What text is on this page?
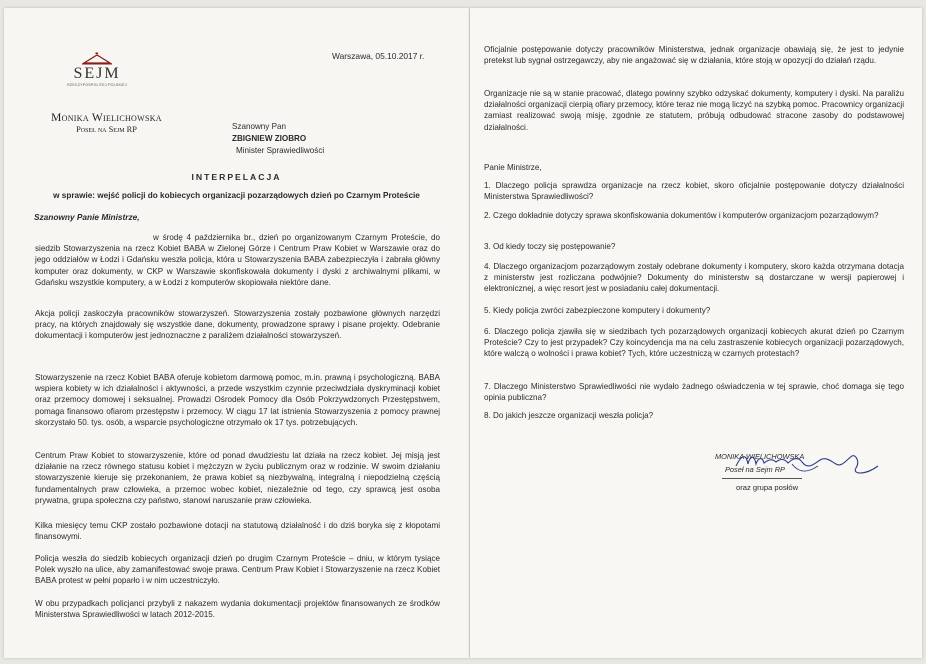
SEJM
RZECZYPOSPOLITEJ POLSKIEJ
Monika Wielichowska
Poseł na Sejm RP
Warszawa, 05.10.2017 r.
Szanowny Pan
ZBIGNIEW ZIOBRO
Minister Sprawiedliwości
INTERPELACJA
w sprawie: wejść policji do kobiecych organizacji pozarządowych dzień po Czarnym Proteście
Szanowny Panie Ministrze,

w środę 4 października br., dzień po organizowanym Czarnym Proteście, do siedzib Stowarzyszenia na rzecz Kobiet BABA w Zielonej Górze i Centrum Praw Kobiet w Warszawie oraz do jego oddziałów w Łodzi i Gdańsku weszła policja, która u Stowarzyszenia BABA zabezpieczyła i zabrała główny komputer oraz dokumenty, w CKP w Warszawie skonfiskowała dokumenty i dyski z archiwalnymi plikami, w Gdańsku wszystkie komputery, a w Łodzi z komputerów skopiowała niektóre dane.

Akcja policji zaskoczyła pracowników stowarzyszeń. Stowarzyszenia zostały pozbawione głównych narzędzi pracy, na których znajdowały się wszystkie dane, dokumenty, prowadzone sprawy i pisane projekty. Odebranie dokumentacji i komputerów jest jednoznaczne z paraliżem działalności stowarzyszeń.

Stowarzyszenie na rzecz Kobiet BABA oferuje kobietom darmową pomoc, m.in. prawną i psychologiczną. BABA wspiera kobiety w ich działalności i aktywności, a przede wszystkim czynnie przeciwdziała dyskryminacji kobiet oraz przemocy domowej i seksualnej. Prowadzi Ośrodek Pomocy dla Osób Pokrzywdzonych Przestępstwem, pomaga finansowo ofiarom przestępstw i przemocy. W ciągu 17 lat istnienia Stowarzyszenia z pomocy prawnej skorzystało 50. tys. osób, a wsparcie psychologiczne otrzymało ok 17 tys. potrzebujących.

Centrum Praw Kobiet to stowarzyszenie, które od ponad dwudziestu lat działa na rzecz kobiet. Jej misją jest działanie na rzecz równego statusu kobiet i mężczyzn w życiu publicznym oraz w rodzinie. W swoim działaniu stowarzyszenie kieruje się przekonaniem, że prawa kobiet są niezbywalną, integralną i niepodzielną częścią fundamentalnych praw człowieka, a przemoc wobec kobiet, niezależnie od tego, czy sprawcą jest osoba prywatna, grupa społeczna czy państwo, stanowi naruszanie praw człowieka.

Kilka miesięcy temu CKP zostało pozbawione dotacji na statutową działalność i do dziś boryka się z kłopotami finansowymi.

Policja weszła do siedzib kobiecych organizacji dzień po drugim Czarnym Proteście – dniu, w którym tysiące Polek wyszło na ulice, aby zamanifestować swoje prawa. Centrum Praw Kobiet i Stowarzyszenie na rzecz Kobiet BABA protest w pełni poparło i w nim uczestniczyło.

W obu przypadkach policjanci przybyli z nakazem wydania dokumentacji projektów finansowanych ze środków Ministerstwa Sprawiedliwości w latach 2012-2015.

Oficjalnie postępowanie dotyczy pracowników Ministerstwa, jednak organizacje obawiają się, że jest to jedynie pretekst lub sygnał ostrzegawczy, aby nie angażować się w działania, które stoją w opozycji do działań rządu.

Organizacje nie są w stanie pracować, dlatego powinny szybko odzyskać dokumenty, komputery i dyski. Na paraliżu działalności organizacji cierpią ofiary przemocy, które teraz nie mogą liczyć na szybką pomoc. Pracownicy organizacji zamiast realizować swoją misję, zgodnie ze statutem, próbują odbudować stracone zasoby do podstawowej działalności.

Panie Ministrze,

1. Dlaczego policja sprawdza organizacje na rzecz kobiet, skoro oficjalnie postępowanie dotyczy działalności Ministerstwa Sprawiedliwości?

2. Czego dokładnie dotyczy sprawa skonfiskowania dokumentów i komputerów organizacjom pozarządowym?

3. Od kiedy toczy się postępowanie?

4. Dlaczego organizacjom pozarządowym zostały odebrane dokumenty i komputery, skoro każda otrzymana dotacja z ministerstw jest rozliczana podwójnie? Dokumenty do ministerstw są dostarczane w wersji papierowej i elektronicznej, a więc resort jest w posiadaniu całej dokumentacji.

5. Kiedy policja zwróci zabezpieczone komputery i dokumenty?

6. Dlaczego policja zjawiła się w siedzibach tych pozarządowych organizacji kobiecych akurat dzień po Czarnym Proteście? Czy to jest przypadek? Czy koincydencja ma na celu zastraszenie kobiecych organizacji pozarządowych, które walczą o wolności i prawa kobiet? Tych, które uczestniczą w czarnych protestach?

7. Dlaczego Ministerstwo Sprawiedliwości nie wydało żadnego oświadczenia w tej sprawie, choć domaga się tego opinia publiczna?

8. Do jakich jeszcze organizacji weszła policja?

MONIKA WIELICHOWSKA
Poseł na Sejm RP
oraz grupa posłów
